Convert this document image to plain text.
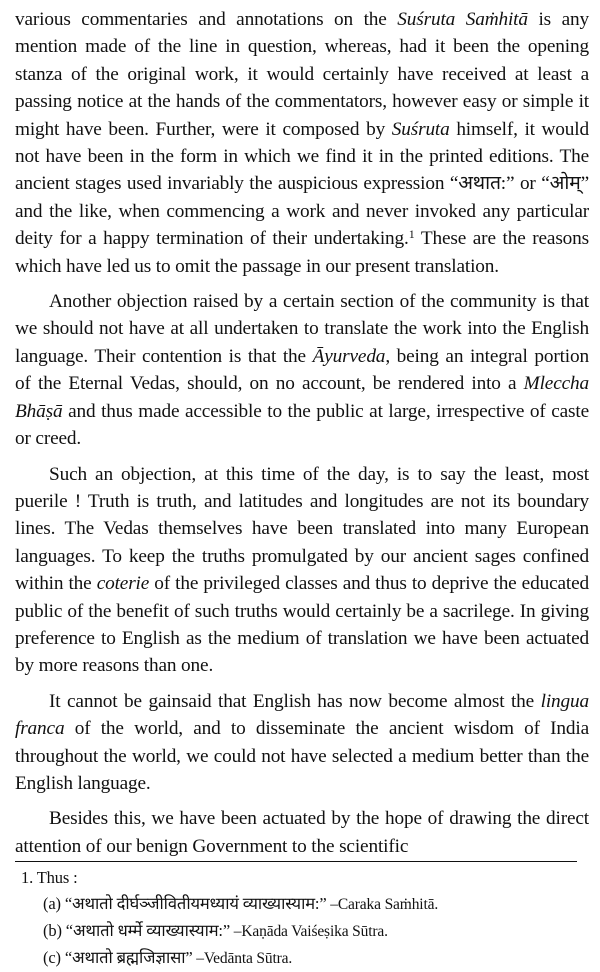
various commentaries and annotations on the Suśruta Saṁhitā is any mention made of the line in question, whereas, had it been the opening stanza of the original work, it would certainly have received at least a passing notice at the hands of the commentators, however easy or simple it might have been. Further, were it composed by Suśruta himself, it would not have been in the form in which we find it in the printed editions. The ancient stages used invariably the auspicious expression “अथात:” or “ओम्” and the like, when commencing a work and never invoked any particular deity for a happy termination of their undertaking.$^1$ These are the reasons which have led us to omit the passage in our present translation.

Another objection raised by a certain section of the community is that we should not have at all undertaken to translate the work into the English language. Their contention is that the Āyurveda, being an integral portion of the Eternal Vedas, should, on no account, be rendered into a Mleccha Bhāṣā and thus made accessible to the public at large, irrespective of caste or creed.

Such an objection, at this time of the day, is to say the least, most puerile ! Truth is truth, and latitudes and longitudes are not its boundary lines. The Vedas themselves have been translated into many European languages. To keep the truths promulgated by our ancient sages confined within the coterie of the privileged classes and thus to deprive the educated public of the benefit of such truths would certainly be a sacrilege. In giving preference to English as the medium of translation we have been actuated by more reasons than one.

It cannot be gainsaid that English has now become almost the lingua franca of the world, and to disseminate the ancient wisdom of India throughout the world, we could not have selected a medium better than the English language.

Besides this, we have been actuated by the hope of drawing the direct attention of our benign Government to the scientific

1. Thus :
(a) “अथातो दीर्घञ्जीवितीयमध्यायं व्याख्यास्याम:” –Caraka Saṁhitā.
(b) “अथातो धर्म्मे व्याख्यास्याम:” –Kaṇāda Vaiśeṣika Sūtra.
(c) “अथातो ब्रह्मजिज्ञासा” –Vedānta Sūtra.
